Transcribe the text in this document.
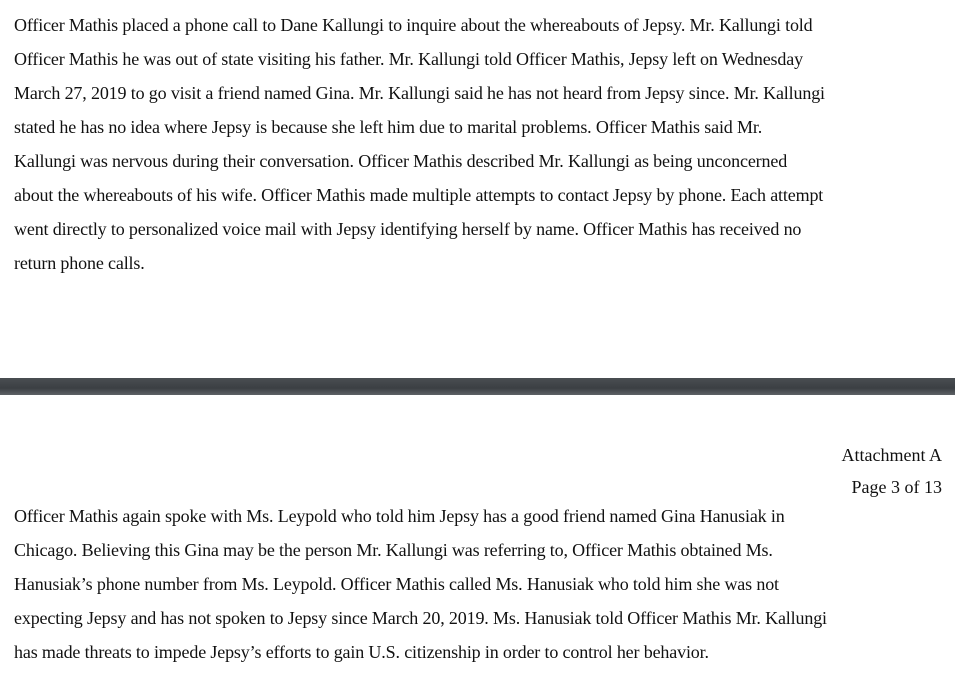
Officer Mathis placed a phone call to Dane Kallungi to inquire about the whereabouts of Jepsy. Mr. Kallungi told
Officer Mathis he was out of state visiting his father. Mr. Kallungi told Officer Mathis, Jepsy left on Wednesday
March 27, 2019 to go visit a friend named Gina. Mr. Kallungi said he has not heard from Jepsy since. Mr. Kallungi
stated he has no idea where Jepsy is because she left him due to marital problems. Officer Mathis said Mr.
Kallungi was nervous during their conversation. Officer Mathis described Mr. Kallungi as being unconcerned
about the whereabouts of his wife. Officer Mathis made multiple attempts to contact Jepsy by phone. Each attempt
went directly to personalized voice mail with Jepsy identifying herself by name. Officer Mathis has received no
return phone calls.

Attachment A
Page 3 of 13

Officer Mathis again spoke with Ms. Leypold who told him Jepsy has a good friend named Gina Hanusiak in
Chicago. Believing this Gina may be the person Mr. Kallungi was referring to, Officer Mathis obtained Ms.
Hanusiak’s phone number from Ms. Leypold. Officer Mathis called Ms. Hanusiak who told him she was not
expecting Jepsy and has not spoken to Jepsy since March 20, 2019. Ms. Hanusiak told Officer Mathis Mr. Kallungi
has made threats to impede Jepsy’s efforts to gain U.S. citizenship in order to control her behavior.
